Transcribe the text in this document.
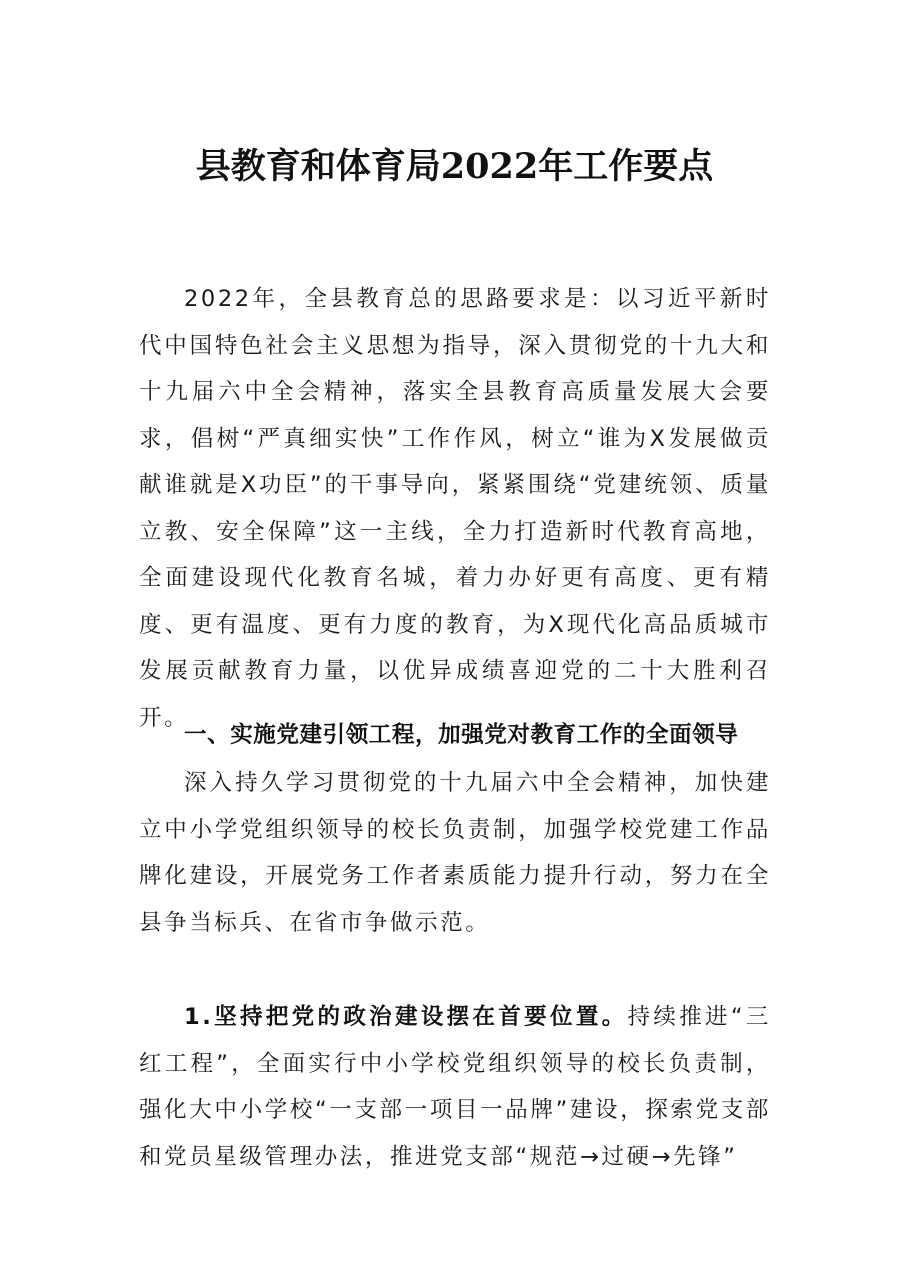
县教育和体育局2022年工作要点

2022年，全县教育总的思路要求是：以习近平新时代中国特色社会主义思想为指导，深入贯彻党的十九大和十九届六中全会精神，落实全县教育高质量发展大会要求，倡树“严真细实快”工作作风，树立“谁为X发展做贡献谁就是X功臣”的干事导向，紧紧围绕“党建统领、质量立教、安全保障”这一主线，全力打造新时代教育高地，全面建设现代化教育名城，着力办好更有高度、更有精度、更有温度、更有力度的教育，为X现代化高品质城市发展贡献教育力量，以优异成绩喜迎党的二十大胜利召开。

一、实施党建引领工程，加强党对教育工作的全面领导

深入持久学习贯彻党的十九届六中全会精神，加快建立中小学党组织领导的校长负责制，加强学校党建工作品牌化建设，开展党务工作者素质能力提升行动，努力在全县争当标兵、在省市争做示范。

1.坚持把党的政治建设摆在首要位置。持续推进“三红工程”，全面实行中小学校党组织领导的校长负责制，强化大中小学校“一支部一项目一品牌”建设，探索党支部和党员星级管理办法，推进党支部“规范→过硬→先锋”
